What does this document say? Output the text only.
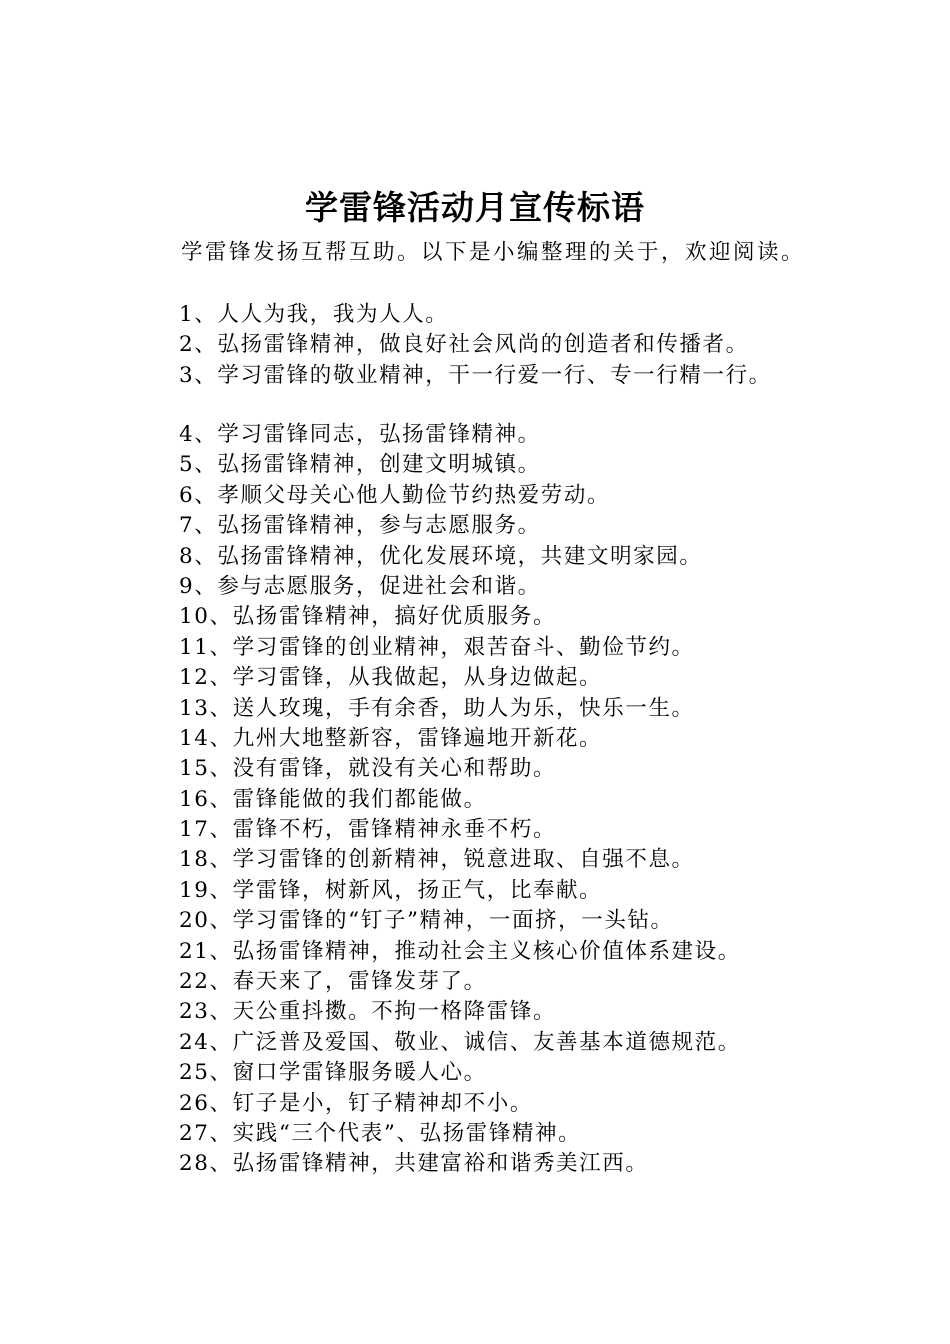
学雷锋活动月宣传标语
学雷锋发扬互帮互助。以下是小编整理的关于，欢迎阅读。
1、人人为我，我为人人。
2、弘扬雷锋精神，做良好社会风尚的创造者和传播者。
3、学习雷锋的敬业精神，干一行爱一行、专一行精一行。
4、学习雷锋同志，弘扬雷锋精神。
5、弘扬雷锋精神，创建文明城镇。
6、孝顺父母关心他人勤俭节约热爱劳动。
7、弘扬雷锋精神，参与志愿服务。
8、弘扬雷锋精神，优化发展环境，共建文明家园。
9、参与志愿服务，促进社会和谐。
10、弘扬雷锋精神，搞好优质服务。
11、学习雷锋的创业精神，艰苦奋斗、勤俭节约。
12、学习雷锋，从我做起，从身边做起。
13、送人玫瑰，手有余香，助人为乐，快乐一生。
14、九州大地整新容，雷锋遍地开新花。
15、没有雷锋，就没有关心和帮助。
16、雷锋能做的我们都能做。
17、雷锋不朽，雷锋精神永垂不朽。
18、学习雷锋的创新精神，锐意进取、自强不息。
19、学雷锋，树新风，扬正气，比奉献。
20、学习雷锋的“钉子”精神，一面挤，一头钻。
21、弘扬雷锋精神，推动社会主义核心价值体系建设。
22、春天来了，雷锋发芽了。
23、天公重抖擞。不拘一格降雷锋。
24、广泛普及爱国、敬业、诚信、友善基本道德规范。
25、窗口学雷锋服务暖人心。
26、钉子是小，钉子精神却不小。
27、实践“三个代表”、弘扬雷锋精神。
28、弘扬雷锋精神，共建富裕和谐秀美江西。
